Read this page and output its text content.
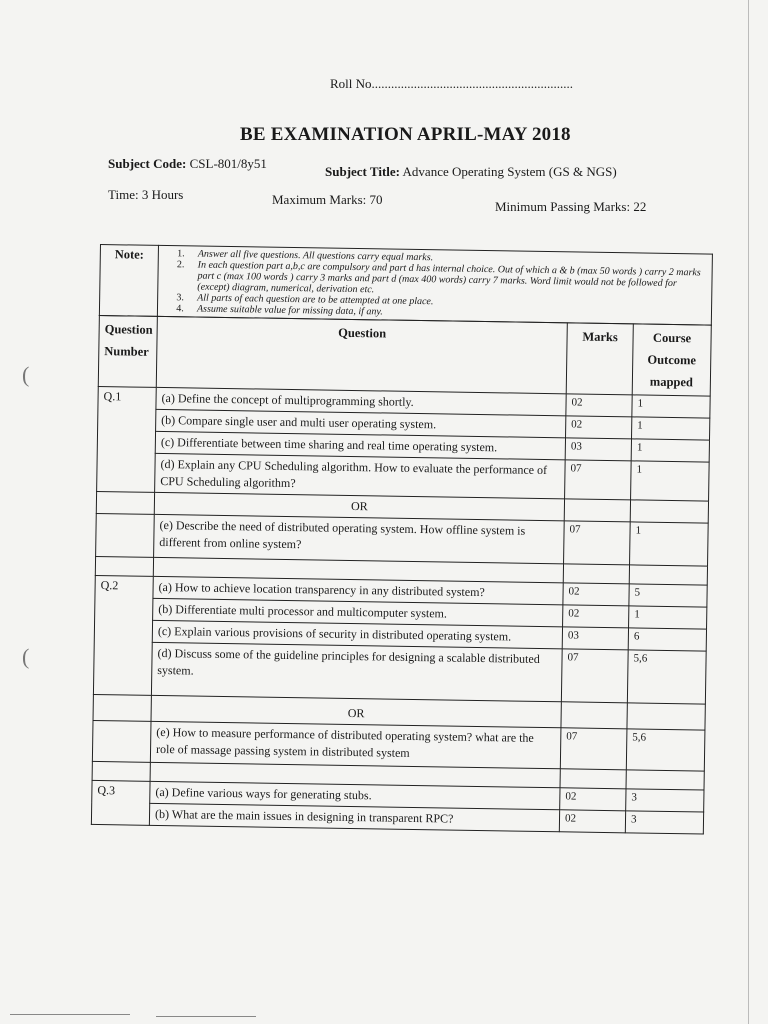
Roll No..............................................................
BE EXAMINATION APRIL-MAY 2018
Subject Code: CSL-801/8y51
Subject Title: Advance Operating System (GS & NGS)
Time: 3 Hours	Maximum Marks: 70	Minimum Passing Marks: 22
Note:	1.	Answer all five questions. All questions carry equal marks.
2.	In each question part a,b,c are compulsory and part d has internal choice. Out of which a & b (max 50 words ) carry 2 marks part c (max 100 words ) carry 3 marks and part d (max 400 words) carry 7 marks. Word limit would not be followed for (except) diagram, numerical, derivation etc.
3.	All parts of each question are to be attempted at one place.
4.	Assume suitable value for missing data, if any.
Question Number	Question	Marks	Course Outcome mapped
Q.1	(a) Define the concept of multiprogramming shortly.	02	1
	(b) Compare single user and multi user operating system.	02	1
	(c) Differentiate between time sharing and real time operating system.	03	1
	(d) Explain any CPU Scheduling algorithm. How to evaluate the performance of CPU Scheduling algorithm?	07	1
	OR		
	(e) Describe the need of distributed operating system. How offline system is different from online system?	07	1

Q.2	(a) How to achieve location transparency in any distributed system?	02	5
	(b) Differentiate multi processor and multicomputer system.	02	1
	(c) Explain various provisions of security in distributed operating system.	03	6
	(d) Discuss some of the guideline principles for designing a scalable distributed system.	07	5,6
	OR		
	(e) How to measure performance of distributed operating system? what are the role of massage passing system in distributed system	07	5,6

Q.3	(a) Define various ways for generating stubs.	02	3
	(b) What are the main issues in designing in transparent RPC?	02	3
(
(
